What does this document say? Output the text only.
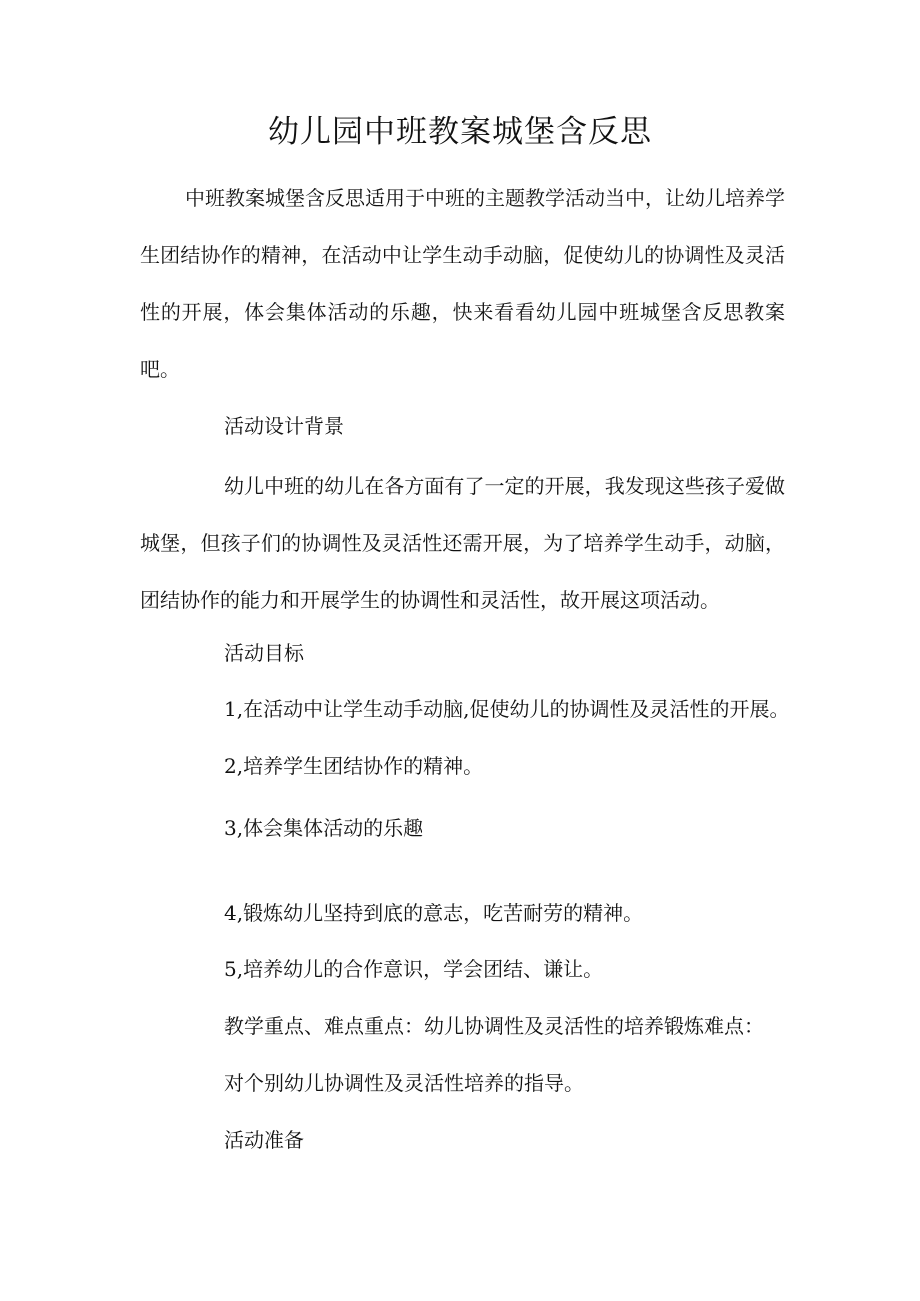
幼儿园中班教案城堡含反思
中班教案城堡含反思适用于中班的主题教学活动当中，让幼儿培养学生团结协作的精神，在活动中让学生动手动脑，促使幼儿的协调性及灵活性的开展，体会集体活动的乐趣，快来看看幼儿园中班城堡含反思教案吧。
活动设计背景
幼儿中班的幼儿在各方面有了一定的开展，我发现这些孩子爱做城堡，但孩子们的协调性及灵活性还需开展，为了培养学生动手，动脑，团结协作的能力和开展学生的协调性和灵活性，故开展这项活动。
活动目标
1,在活动中让学生动手动脑,促使幼儿的协调性及灵活性的开展。
2,培养学生团结协作的精神。
3,体会集体活动的乐趣
4,锻炼幼儿坚持到底的意志，吃苦耐劳的精神。
5,培养幼儿的合作意识，学会团结、谦让。
教学重点、难点重点：幼儿协调性及灵活性的培养锻炼难点：
对个别幼儿协调性及灵活性培养的指导。
活动准备
